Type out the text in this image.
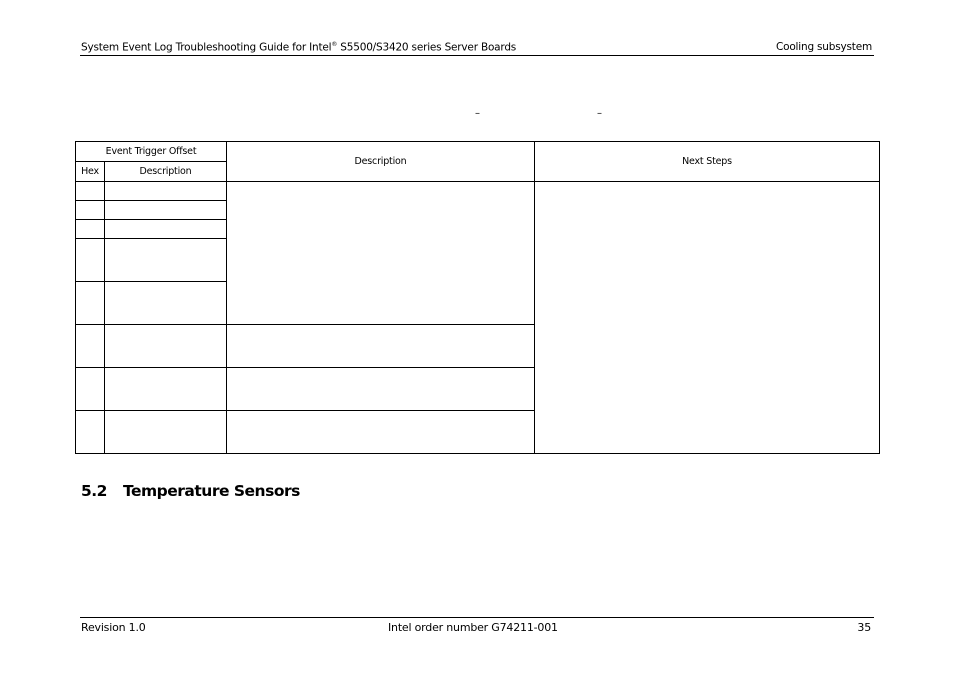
System Event Log Troubleshooting Guide for Intel® S5500/S3420 series Server Boards	Cooling subsystem
–	–
Event Trigger Offset		Description	Next Steps
Hex	Description		

5.2 Temperature Sensors
Revision 1.0	Intel order number G74211-001	35
